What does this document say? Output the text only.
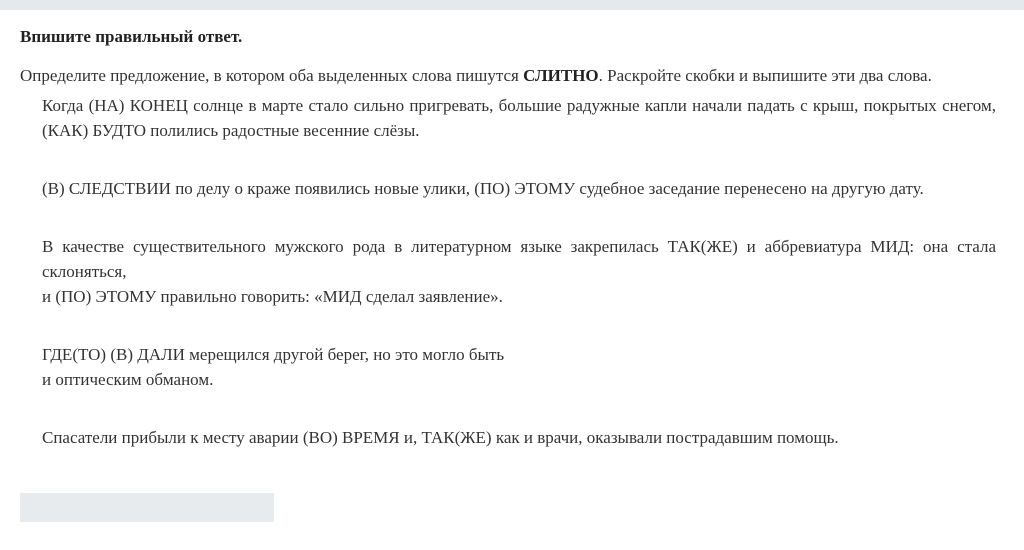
Впишите правильный ответ.

Определите предложение, в котором оба выделенных слова пишутся СЛИТНО. Раскройте скобки и выпишите эти два слова.

Когда (НА) КОНЕЦ солнце в марте стало сильно пригревать, большие радужные капли начали падать с крыш, покрытых снегом, (КАК) БУДТО полились радостные весенние слёзы.
(В) СЛЕДСТВИИ по делу о краже появились новые улики, (ПО) ЭТОМУ судебное заседание перенесено на другую дату.
В качестве существительного мужского рода в литературном языке закрепилась ТАК(ЖЕ) и аббревиатура МИД: она стала склоняться,
и (ПО) ЭТОМУ правильно говорить: «МИД сделал заявление».
ГДЕ(ТО) (В) ДАЛИ мерещился другой берег, но это могло быть
и оптическим обманом.
Спасатели прибыли к месту аварии (ВО) ВРЕМЯ и, ТАК(ЖЕ) как и врачи, оказывали пострадавшим помощь.
